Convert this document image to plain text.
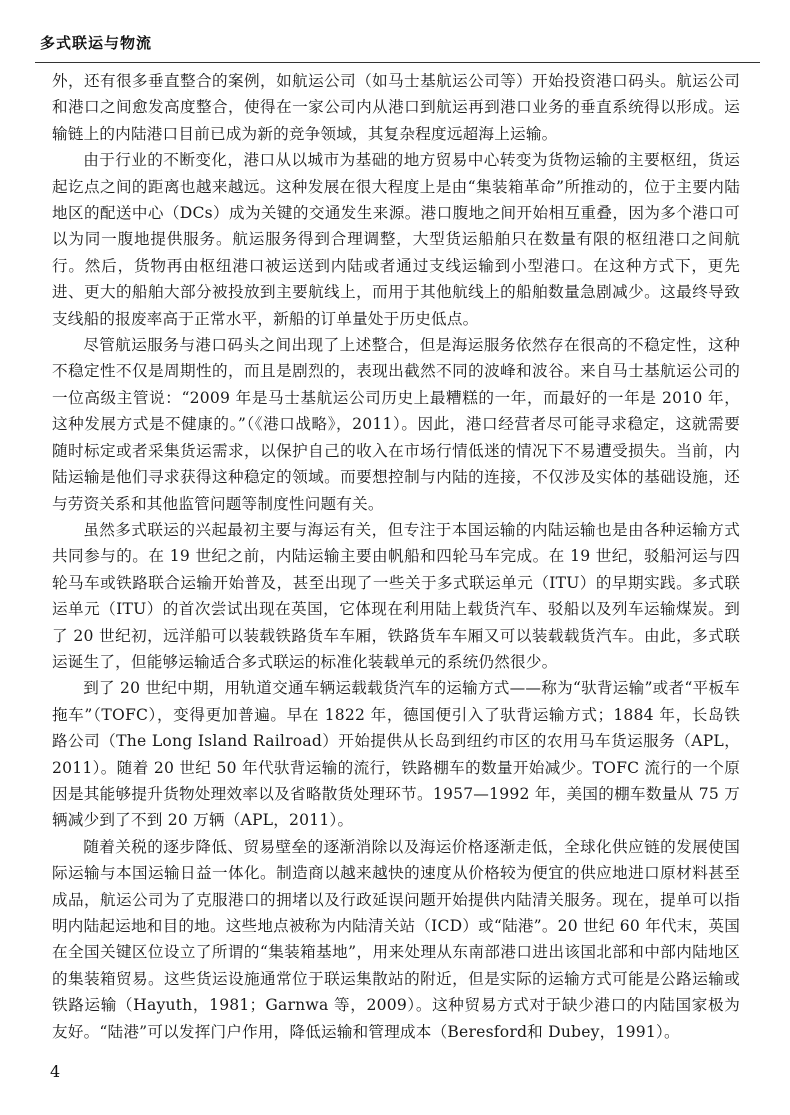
多式联运与物流

外，还有很多垂直整合的案例，如航运公司（如马士基航运公司等）开始投资港口码头。航运公司和港口之间愈发高度整合，使得在一家公司内从港口到航运再到港口业务的垂直系统得以形成。运输链上的内陆港口目前已成为新的竞争领域，其复杂程度远超海上运输。

由于行业的不断变化，港口从以城市为基础的地方贸易中心转变为货物运输的主要枢纽，货运起讫点之间的距离也越来越远。这种发展在很大程度上是由“集装箱革命”所推动的，位于主要内陆地区的配送中心（DCs）成为关键的交通发生来源。港口腹地之间开始相互重叠，因为多个港口可以为同一腹地提供服务。航运服务得到合理调整，大型货运船舶只在数量有限的枢纽港口之间航行。然后，货物再由枢纽港口被运送到内陆或者通过支线运输到小型港口。在这种方式下，更先进、更大的船舶大部分被投放到主要航线上，而用于其他航线上的船舶数量急剧减少。这最终导致支线船的报废率高于正常水平，新船的订单量处于历史低点。

尽管航运服务与港口码头之间出现了上述整合，但是海运服务依然存在很高的不稳定性，这种不稳定性不仅是周期性的，而且是剧烈的，表现出截然不同的波峰和波谷。来自马士基航运公司的一位高级主管说：“2009 年是马士基航运公司历史上最糟糕的一年，而最好的一年是 2010 年，这种发展方式是不健康的。”（《港口战略》，2011）。因此，港口经营者尽可能寻求稳定，这就需要随时标定或者采集货运需求，以保护自己的收入在市场行情低迷的情况下不易遭受损失。当前，内陆运输是他们寻求获得这种稳定的领域。而要想控制与内陆的连接，不仅涉及实体的基础设施，还与劳资关系和其他监管问题等制度性问题有关。

虽然多式联运的兴起最初主要与海运有关，但专注于本国运输的内陆运输也是由各种运输方式共同参与的。在 19 世纪之前，内陆运输主要由帆船和四轮马车完成。在 19 世纪，驳船河运与四轮马车或铁路联合运输开始普及，甚至出现了一些关于多式联运单元（ITU）的早期实践。多式联运单元（ITU）的首次尝试出现在英国，它体现在利用陆上载货汽车、驳船以及列车运输煤炭。到了 20 世纪初，远洋船可以装载铁路货车车厢，铁路货车车厢又可以装载载货汽车。由此，多式联运诞生了，但能够运输适合多式联运的标准化装载单元的系统仍然很少。

到了 20 世纪中期，用轨道交通车辆运载载货汽车的运输方式——称为“驮背运输”或者“平板车拖车”（TOFC），变得更加普遍。早在 1822 年，德国便引入了驮背运输方式；1884 年，长岛铁路公司（The Long Island Railroad）开始提供从长岛到纽约市区的农用马车货运服务（APL，2011）。随着 20 世纪 50 年代驮背运输的流行，铁路棚车的数量开始减少。TOFC 流行的一个原因是其能够提升货物处理效率以及省略散货处理环节。1957—1992 年，美国的棚车数量从 75 万辆减少到了不到 20 万辆（APL，2011）。

随着关税的逐步降低、贸易壁垒的逐渐消除以及海运价格逐渐走低，全球化供应链的发展使国际运输与本国运输日益一体化。制造商以越来越快的速度从价格较为便宜的供应地进口原材料甚至成品，航运公司为了克服港口的拥堵以及行政延误问题开始提供内陆清关服务。现在，提单可以指明内陆起运地和目的地。这些地点被称为内陆清关站（ICD）或“陆港”。20 世纪 60 年代末，英国在全国关键区位设立了所谓的“集装箱基地”，用来处理从东南部港口进出该国北部和中部内陆地区的集装箱贸易。这些货运设施通常位于联运集散站的附近，但是实际的运输方式可能是公路运输或铁路运输（Hayuth，1981；Garnwa 等，2009）。这种贸易方式对于缺少港口的内陆国家极为友好。“陆港”可以发挥门户作用，降低运输和管理成本（Beresford和 Dubey，1991）。

4
